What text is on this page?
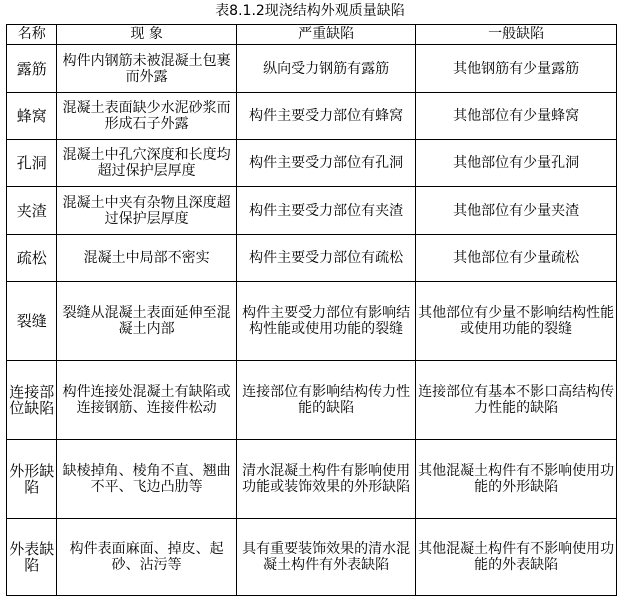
表8.1.2现浇结构外观质量缺陷
名称	现 象	严重缺陷	一般缺陷
露筋	构件内钢筋未被混凝土包裹而外露	纵向受力钢筋有露筋	其他钢筋有少量露筋
蜂窝	混凝土表面缺少水泥砂浆而形成石子外露	构件主要受力部位有蜂窝	其他部位有少量蜂窝
孔洞	混凝土中孔穴深度和长度均超过保护层厚度	构件主要受力部位有孔洞	其他部位有少量孔洞
夹渣	混凝土中夹有杂物且深度超过保护层厚度	构件主要受力部位有夹渣	其他部位有少量夹渣
疏松	混凝土中局部不密实	构件主要受力部位有疏松	其他部位有少量疏松
裂缝	裂缝从混凝土表面延伸至混凝土内部	构件主要受力部位有影响结构性能或使用功能的裂缝	其他部位有少量不影响结构性能或使用功能的裂缝
连接部位缺陷	构件连接处混凝土有缺陷或连接钢筋、连接件松动	连接部位有影响结构传力性能的缺陷	连接部位有基本不影口高结构传力性能的缺陷
外形缺陷	缺棱掉角、棱角不直、翘曲不平、飞边凸肋等	清水混凝土构件有影响使用功能或装饰效果的外形缺陷	其他混凝土构件有不影响使用功能的外形缺陷
外表缺陷	构件表面麻面、掉皮、起砂、沾污等	具有重要装饰效果的清水混凝土构件有外表缺陷	其他混凝土构件有不影响使用功能的外表缺陷
